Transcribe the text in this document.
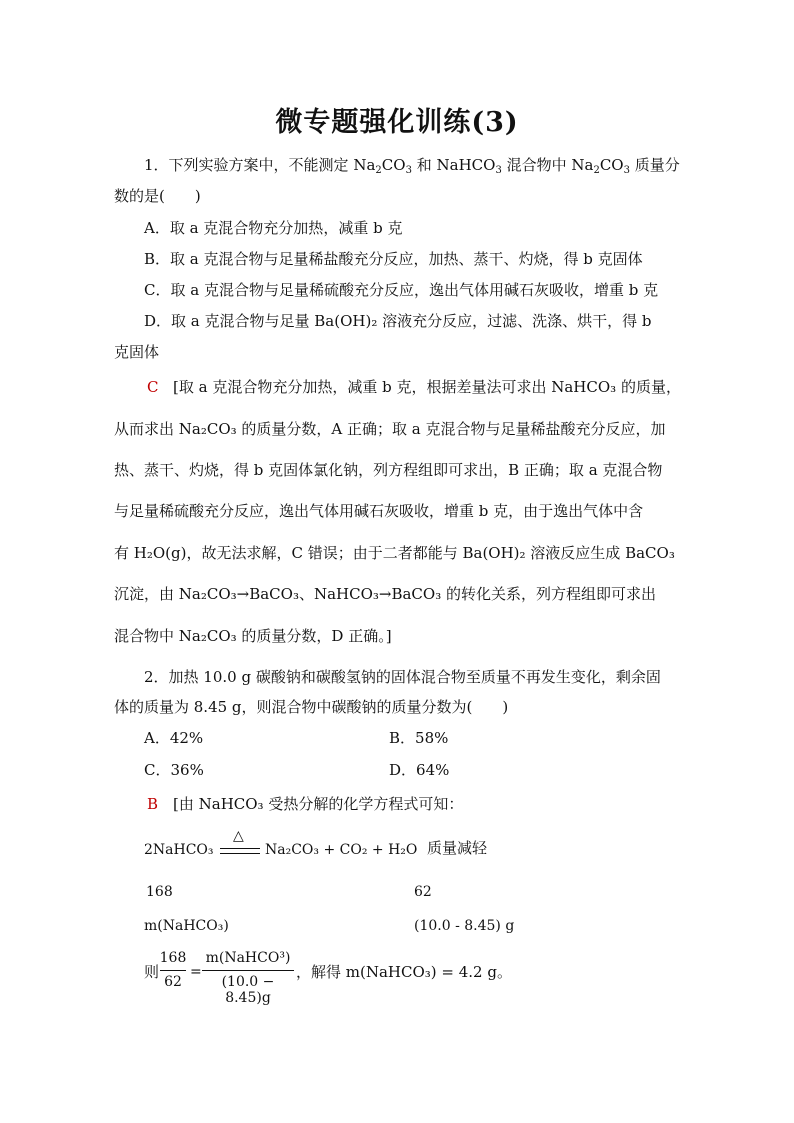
微专题强化训练(3)
1．下列实验方案中，不能测定 $Na_2CO_3$ 和 NaHCO$_3$ 混合物中 $Na_2CO_3$ 质量分
数的是(　　)
A．取 a 克混合物充分加热，减重 b 克
B．取 a 克混合物与足量稀盐酸充分反应，加热、蒸干、灼烧，得 b 克固体
C．取 a 克混合物与足量稀硫酸充分反应，逸出气体用碱石灰吸收，增重 b 克
D．取 a 克混合物与足量 Ba(OH)₂ 溶液充分反应，过滤、洗涤、烘干，得 b
克固体
C [取 a 克混合物充分加热，减重 b 克，根据差量法可求出 NaHCO₃ 的质量，
从而求出 Na₂CO₃ 的质量分数，A 正确；取 a 克混合物与足量稀盐酸充分反应，加
热、蒸干、灼烧，得 b 克固体氯化钠，列方程组即可求出，B 正确；取 a 克混合物
与足量稀硫酸充分反应，逸出气体用碱石灰吸收，增重 b 克，由于逸出气体中含
有 H₂O(g)，故无法求解，C 错误；由于二者都能与 Ba(OH)₂ 溶液反应生成 BaCO₃
沉淀，由 Na₂CO₃→BaCO₃、NaHCO₃→BaCO₃ 的转化关系，列方程组即可求出
混合物中 Na₂CO₃ 的质量分数，D 正确。]
2．加热 10.0 g 碳酸钠和碳酸氢钠的固体混合物至质量不再发生变化，剩余固
体的质量为 8.45 g，则混合物中碳酸钠的质量分数为(　　)
A．42%	B．58%
C．36%	D．64%
B [由 NaHCO₃ 受热分解的化学方程式可知：
2NaHCO₃
△
Na₂CO₃ + CO₂ + H₂O 质量减轻
168	62
m(NaHCO₃)	(10.0 - 8.45) g
则
168
62
=
m(NaHCO³)
(10.0 − 8.45)g
，解得 m(NaHCO₃) = 4.2 g。
